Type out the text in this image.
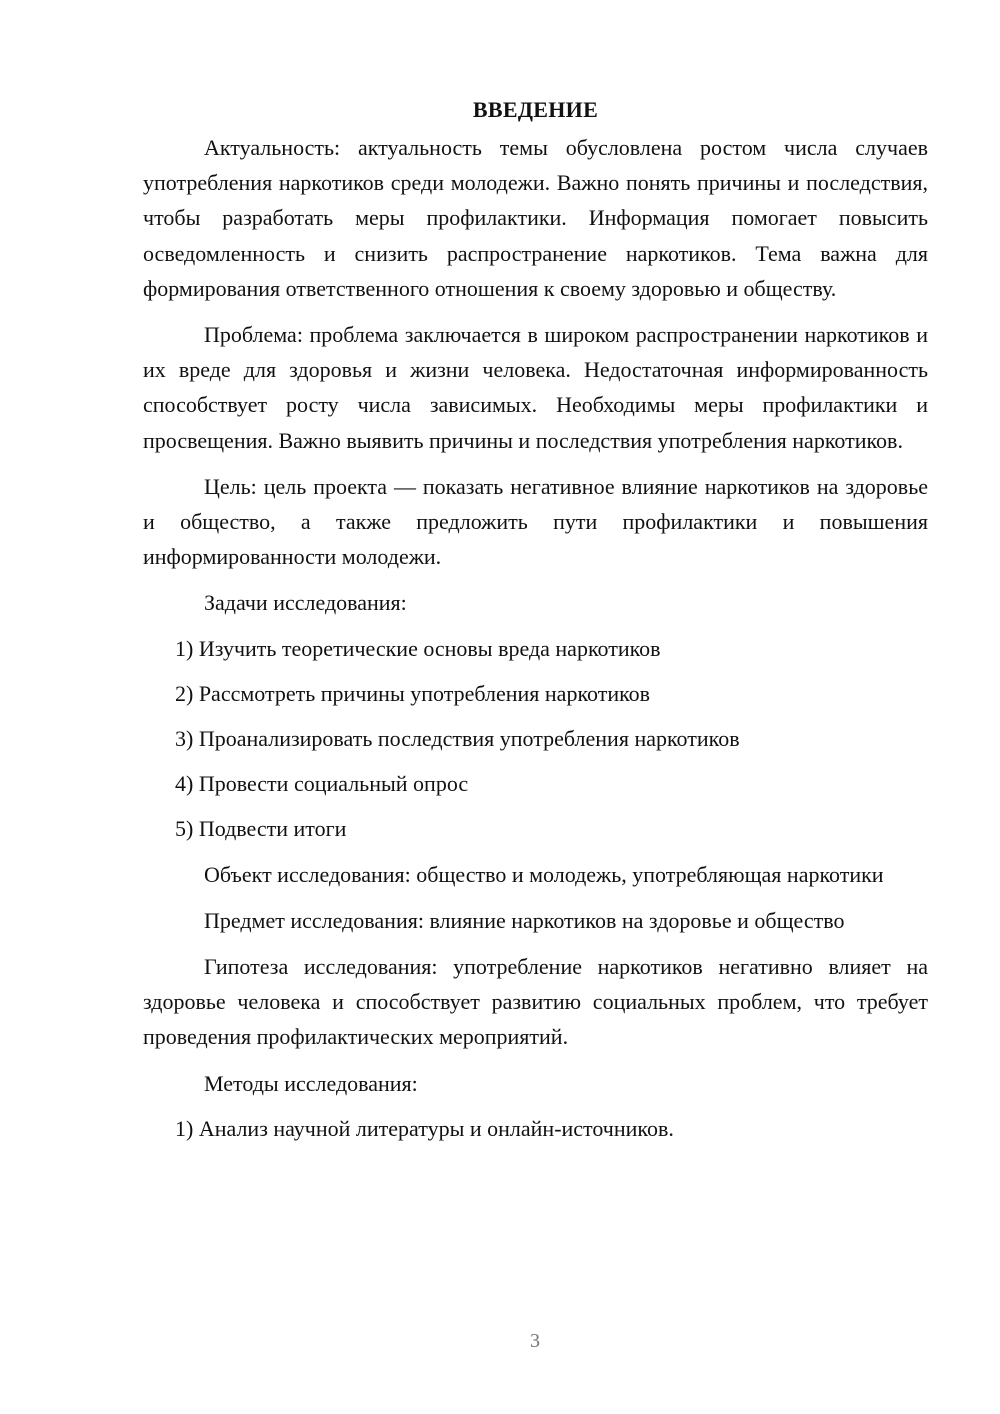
ВВЕДЕНИЕ

Актуальность: актуальность темы обусловлена ростом числа случаев употребления наркотиков среди молодежи. Важно понять причины и последствия, чтобы разработать меры профилактики. Информация помогает повысить осведомленность и снизить распространение наркотиков. Тема важна для формирования ответственного отношения к своему здоровью и обществу.

Проблема: проблема заключается в широком распространении наркотиков и их вреде для здоровья и жизни человека. Недостаточная информированность способствует росту числа зависимых. Необходимы меры профилактики и просвещения. Важно выявить причины и последствия употребления наркотиков.

Цель: цель проекта — показать негативное влияние наркотиков на здоровье и общество, а также предложить пути профилактики и повышения информированности молодежи.

Задачи исследования:

1) Изучить теоретические основы вреда наркотиков

2) Рассмотреть причины употребления наркотиков

3) Проанализировать последствия употребления наркотиков

4) Провести социальный опрос

5) Подвести итоги

Объект исследования: общество и молодежь, употребляющая наркотики

Предмет исследования: влияние наркотиков на здоровье и общество

Гипотеза исследования: употребление наркотиков негативно влияет на здоровье человека и способствует развитию социальных проблем, что требует проведения профилактических мероприятий.

Методы исследования:

1) Анализ научной литературы и онлайн-источников.

3
